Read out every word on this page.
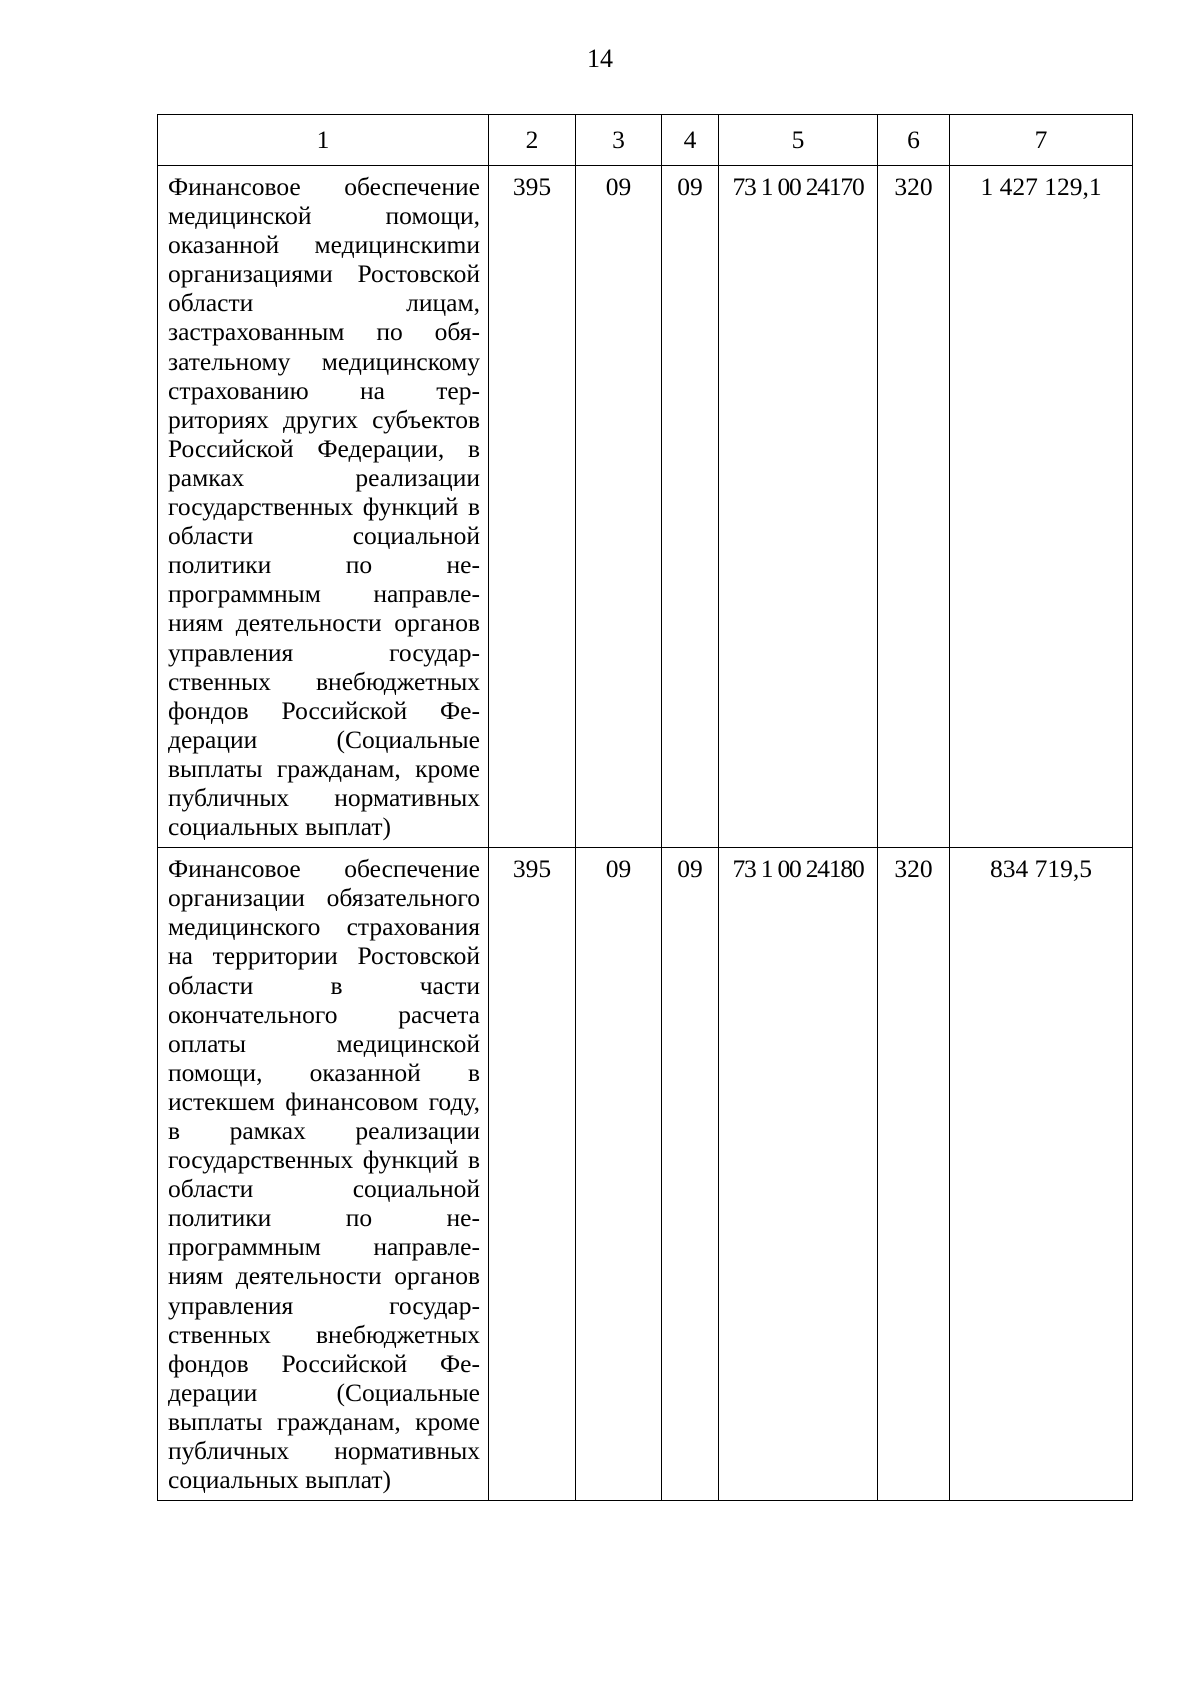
14
1	2	3	4	5	6	7
Финансовое обеспечение медицинской помощи, оказанной медицинскиmи организациями Ростовской области лицам, застрахованным по обязательному медицинскому страхованию на территориях других субъектов Российской Федерации, в рамках реализации государственных функций в области социальной политики по непрограммным направлениям деятельности органов управления государственных внебюджетных фондов Российской Федерации (Социальные выплаты гражданам, кроме публичных нормативных социальных выплат)	395	09	09	73 1 00 24170	320	1 427 129,1
Финансовое обеспечение организации обязательного медицинского страхования на территории Ростовской области в части окончательного расчета оплаты медицинской помощи, оказанной в истекшем финансовом году, в рамках реализации государственных функций в области социальной политики по непрограммным направлениям деятельности органов управления государственных внебюджетных фондов Российской Федерации (Социальные выплаты гражданам, кроме публичных нормативных социальных выплат)	395	09	09	73 1 00 24180	320	834 719,5
